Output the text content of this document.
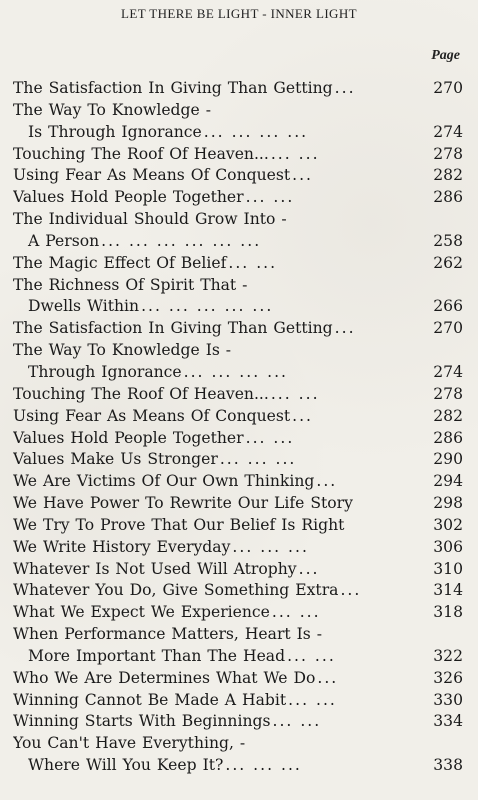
LET THERE BE LIGHT - INNER LIGHT
Page
The Satisfaction In Giving Than Getting ...	270
The Way To Knowledge -
Is Through Ignorance ... ... ... ...	274
Touching The Roof Of Heaven... ... ...	278
Using Fear As Means Of Conquest ...	282
Values Hold People Together ... ...	286
The Individual Should Grow Into -
A Person ... ... ... ... ... ...	258
The Magic Effect Of Belief ... ...	262
The Richness Of Spirit That -
Dwells Within ... ... ... ... ...	266
The Satisfaction In Giving Than Getting ...	270
The Way To Knowledge Is -
Through Ignorance ... ... ... ...	274
Touching The Roof Of Heaven... ... ...	278
Using Fear As Means Of Conquest ...	282
Values Hold People Together ... ...	286
Values Make Us Stronger ... ... ...	290
We Are Victims Of Our Own Thinking ...	294
We Have Power To Rewrite Our Life Story	298
We Try To Prove That Our Belief Is Right	302
We Write History Everyday ... ... ...	306
Whatever Is Not Used Will Atrophy ...	310
Whatever You Do, Give Something Extra ...	314
What We Expect We Experience ... ...	318
When Performance Matters, Heart Is -
More Important Than The Head ... ...	322
Who We Are Determines What We Do ...	326
Winning Cannot Be Made A Habit ... ...	330
Winning Starts With Beginnings ... ...	334
You Can't Have Everything, -
Where Will You Keep It? ... ... ...	338
